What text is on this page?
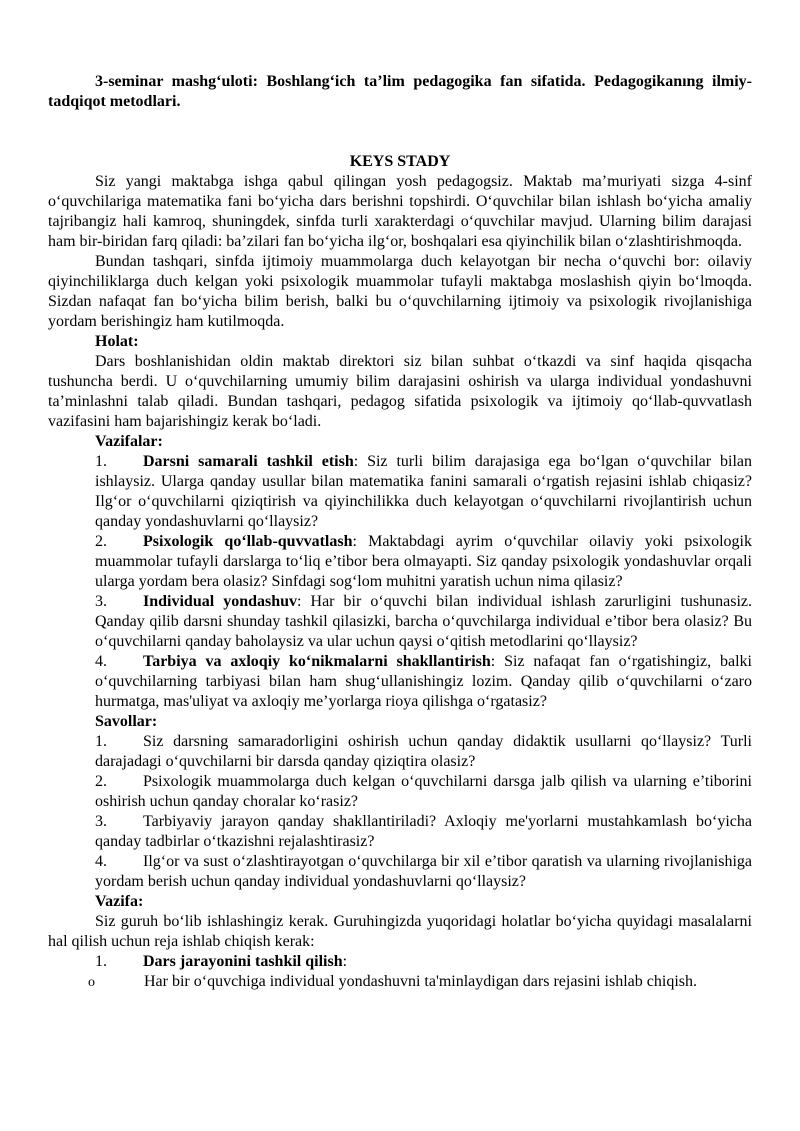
3-seminar mashg‘uloti: Boshlang‘ich ta’lim pedagogika fan sifatida. Pedagogikanıng ilmiy-tadqiqot metodlari.

KEYS STADY

Siz yangi maktabga ishga qabul qilingan yosh pedagogsiz. Maktab ma’muriyati sizga 4-sinf o‘quvchilariga matematika fani bo‘yicha dars berishni topshirdi. O‘quvchilar bilan ishlash bo‘yicha amaliy tajribangiz hali kamroq, shuningdek, sinfda turli xarakterdagi o‘quvchilar mavjud. Ularning bilim darajasi ham bir-biridan farq qiladi: ba’zilari fan bo‘yicha ilg‘or, boshqalari esa qiyinchilik bilan o‘zlashtirishmoqda.

Bundan tashqari, sinfda ijtimoiy muammolarga duch kelayotgan bir necha o‘quvchi bor: oilaviy qiyinchiliklarga duch kelgan yoki psixologik muammolar tufayli maktabga moslashish qiyin bo‘lmoqda. Sizdan nafaqat fan bo‘yicha bilim berish, balki bu o‘quvchilarning ijtimoiy va psixologik rivojlanishiga yordam berishingiz ham kutilmoqda.

Holat:

Dars boshlanishidan oldin maktab direktori siz bilan suhbat o‘tkazdi va sinf haqida qisqacha tushuncha berdi. U o‘quvchilarning umumiy bilim darajasini oshirish va ularga individual yondashuvni ta’minlashni talab qiladi. Bundan tashqari, pedagog sifatida psixologik va ijtimoiy qo‘llab-quvvatlash vazifasini ham bajarishingiz kerak bo‘ladi.

Vazifalar:

1. Darsni samarali tashkil etish: Siz turli bilim darajasiga ega bo‘lgan o‘quvchilar bilan ishlaysiz. Ularga qanday usullar bilan matematika fanini samarali o‘rgatish rejasini ishlab chiqasiz? Ilg‘or o‘quvchilarni qiziqtirish va qiyinchilikka duch kelayotgan o‘quvchilarni rivojlantirish uchun qanday yondashuvlarni qo‘llaysiz?

2. Psixologik qo‘llab-quvvatlash: Maktabdagi ayrim o‘quvchilar oilaviy yoki psixologik muammolar tufayli darslarga to‘liq e’tibor bera olmayapti. Siz qanday psixologik yondashuvlar orqali ularga yordam bera olasiz? Sinfdagi sog‘lom muhitni yaratish uchun nima qilasiz?

3. Individual yondashuv: Har bir o‘quvchi bilan individual ishlash zarurligini tushunasiz. Qanday qilib darsni shunday tashkil qilasizki, barcha o‘quvchilarga individual e’tibor bera olasiz? Bu o‘quvchilarni qanday baholaysiz va ular uchun qaysi o‘qitish metodlarini qo‘llaysiz?

4. Tarbiya va axloqiy ko‘nikmalarni shakllantirish: Siz nafaqat fan o‘rgatishingiz, balki o‘quvchilarning tarbiyasi bilan ham shug‘ullanishingiz lozim. Qanday qilib o‘quvchilarni o‘zaro hurmatga, mas'uliyat va axloqiy me’yorlarga rioya qilishga o‘rgatasiz?

Savollar:

1. Siz darsning samaradorligini oshirish uchun qanday didaktik usullarni qo‘llaysiz? Turli darajadagi o‘quvchilarni bir darsda qanday qiziqtira olasiz?

2. Psixologik muammolarga duch kelgan o‘quvchilarni darsga jalb qilish va ularning e’tiborini oshirish uchun qanday choralar ko‘rasiz?

3. Tarbiyaviy jarayon qanday shakllantiriladi? Axloqiy me'yorlarni mustahkamlash bo‘yicha qanday tadbirlar o‘tkazishni rejalashtirasiz?

4. Ilg‘or va sust o‘zlashtirayotgan o‘quvchilarga bir xil e’tibor qaratish va ularning rivojlanishiga yordam berish uchun qanday individual yondashuvlarni qo‘llaysiz?

Vazifa:

Siz guruh bo‘lib ishlashingiz kerak. Guruhingizda yuqoridagi holatlar bo‘yicha quyidagi masalalarni hal qilish uchun reja ishlab chiqish kerak:

1. Dars jarayonini tashkil qilish:

o	Har bir o‘quvchiga individual yondashuvni ta'minlaydigan dars rejasini ishlab chiqish.
